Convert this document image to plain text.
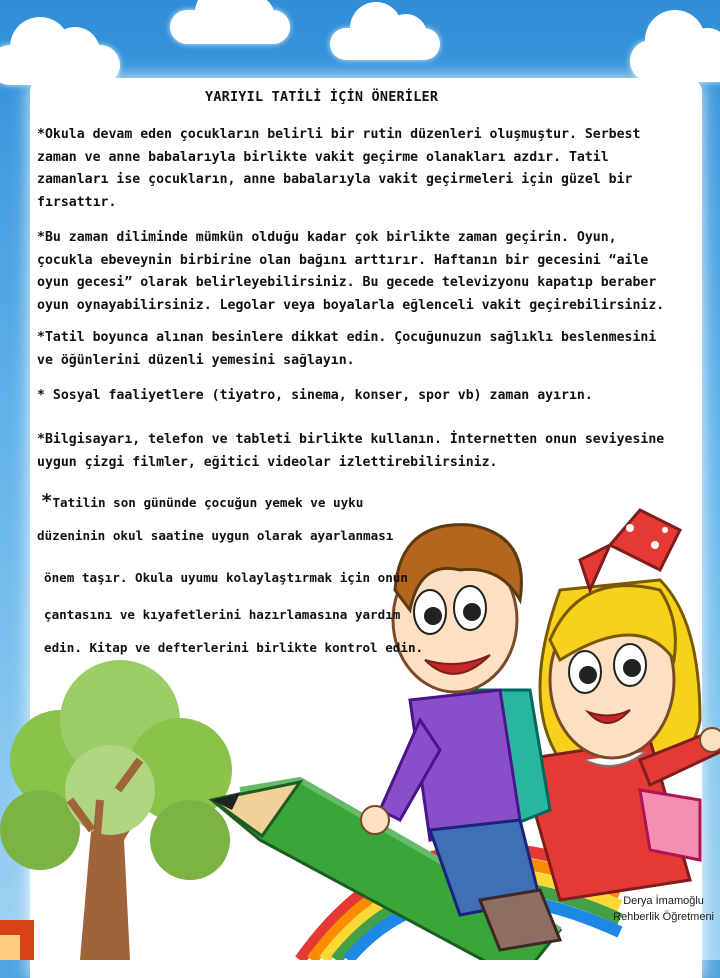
YARIYIL TATİLİ İÇİN ÖNERİLER

*Okula devam eden çocukların belirli bir rutin düzenleri oluşmuştur. Serbest zaman ve anne babalarıyla birlikte vakit geçirme olanakları azdır. Tatil zamanları ise çocukların, anne babalarıyla vakit geçirmeleri için güzel bir fırsattır.

*Bu zaman diliminde mümkün olduğu kadar çok birlikte zaman geçirin. Oyun, çocukla ebeveynin birbirine olan bağını arttırır. Haftanın bir gecesini “aile oyun gecesi” olarak belirleyebilirsiniz. Bu gecede televizyonu kapatıp beraber oyun oynayabilirsiniz. Legolar veya boyalarla eğlenceli vakit geçirebilirsiniz.

*Tatil boyunca alınan besinlere dikkat edin. Çocuğunuzun sağlıklı beslenmesini ve öğünlerini düzenli yemesini sağlayın.

* Sosyal faaliyetlere (tiyatro, sinema, konser, spor vb) zaman ayırın.

*Bilgisayarı, telefon ve tableti birlikte kullanın. İnternetten onun seviyesine uygun çizgi filmler, eğitici videolar izlettirebilirsiniz.

*Tatilin son gününde çocuğun yemek ve uyku
düzeninin okul saatine uygun olarak ayarlanması
önem taşır. Okula uyumu kolaylaştırmak için onun
çantasını ve kıyafetlerini hazırlamasına yardım
edin. Kitap ve defterlerini birlikte kontrol edin.
Derya İmamoğlu
Rehberlik Öğretmeni
